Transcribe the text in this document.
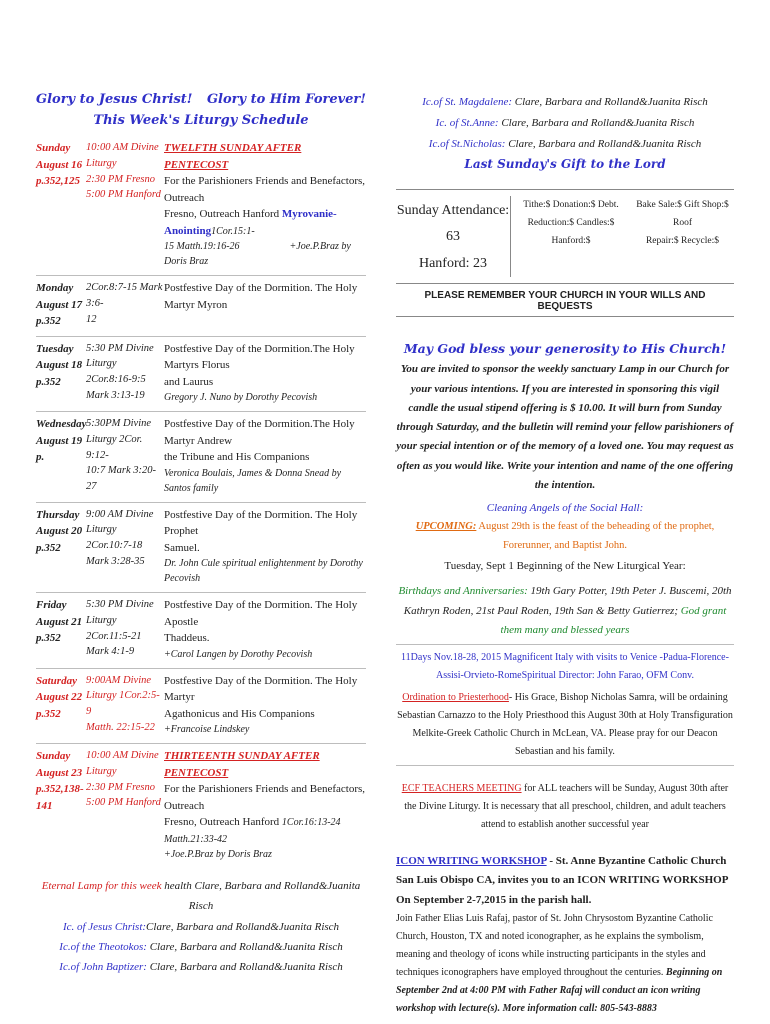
Glory to Jesus Christ! Glory to Him Forever!
This Week's Liturgy Schedule
Sunday
August 16
p.352,125
10:00 AM Divine
Liturgy
2:30 PM Fresno
5:00 PM Hanford
TWELFTH SUNDAY AFTER PENTECOST
For the Parishioners Friends and Benefactors, Outreach
Fresno, Outreach Hanford Myrovanie-Anointing1Cor.15:1-
15 Matth.19:16-26	+Joe.P.Braz by Doris Braz
Monday
August 17
p.352
2Cor.8:7-15 Mark 3:6-
12
Postfestive Day of the Dormition. The Holy Martyr Myron
Tuesday
August 18
p.352
5:30 PM Divine
Liturgy 2Cor.8:16-9:5
Mark 3:13-19
Postfestive Day of the Dormition.The Holy Martyrs Florus
and Laurus
Gregory J. Nuno by Dorothy Pecovish
Wednesday
August 19
p.
5:30PM Divine
Liturgy 2Cor. 9:12-
10:7 Mark 3:20-27
Postfestive Day of the Dormition.The Holy Martyr Andrew
the Tribune and His Companions
Veronica Boulais, James & Donna Snead by Santos family
Thursday
August 20
p.352
9:00 AM Divine
Liturgy 2Cor.10:7-18
Mark 3:28-35
Postfestive Day of the Dormition. The Holy Prophet
Samuel.
Dr. John Cule spiritual enlightenment by Dorothy Pecovish
Friday
August 21
p.352
5:30 PM Divine
Liturgy 2Cor.11:5-21
Mark 4:1-9
Postfestive Day of the Dormition. The Holy Apostle
Thaddeus.
+Carol Langen by Dorothy Pecovish
Saturday
August 22
p.352
9:00AM Divine
Liturgy 1Cor.2:5-9
Matth. 22:15-22
Postfestive Day of the Dormition. The Holy Martyr
Agathonicus and His Companions
+Francoise Lindskey
Sunday
August 23
p.352,138-
141
10:00 AM Divine
Liturgy
2:30 PM Fresno
5:00 PM Hanford
THIRTEENTH SUNDAY AFTER PENTECOST
For the Parishioners Friends and Benefactors, Outreach
Fresno, Outreach Hanford 1Cor.16:13-24 Matth.21:33-42
+Joe.P.Braz by Doris Braz
Eternal Lamp for this week health Clare, Barbara and Rolland&Juanita Risch
Ic. of Jesus Christ:Clare, Barbara and Rolland&Juanita Risch
Ic.of the Theotokos: Clare, Barbara and Rolland&Juanita Risch
Ic.of John Baptizer: Clare, Barbara and Rolland&Juanita Risch
Ic.of St. Magdalene: Clare, Barbara and Rolland&Juanita Risch
Ic. of St.Anne: Clare, Barbara and Rolland&Juanita Risch
Ic.of St.Nicholas: Clare, Barbara and Rolland&Juanita Risch
Last Sunday's Gift to the Lord
Sunday Attendance: 63
Hanford: 23
Tithe:$ Donation:$ Debt.
Reduction:$ Candles:$ Hanford:$
Bake Sale:$ Gift Shop:$ Roof
Repair:$ Recycle:$
PLEASE REMEMBER YOUR CHURCH IN YOUR WILLS AND BEQUESTS
May God bless your generosity to His Church!
You are invited to sponsor the weekly sanctuary Lamp in our Church for your various intentions. If you are interested in sponsoring this vigil candle the usual stipend offering is $ 10.00. It will burn from Sunday through Saturday, and the bulletin will remind your fellow parishioners of your special intention or of the memory of a loved one. You may request as often as you would like. Write your intention and name of the one offering the intention.
Cleaning Angels of the Social Hall:
UPCOMING: August 29th is the feast of the beheading of the prophet, Forerunner, and Baptist John.
Tuesday, Sept 1 Beginning of the New Liturgical Year:
Birthdays and Anniversaries: 19th Gary Potter, 19th Peter J. Buscemi, 20th Kathryn Roden, 21st Paul Roden, 19th San & Betty Gutierrez; God grant them many and blessed years
11Days Nov.18-28, 2015 Magnificent Italy with visits to Venice -Padua-Florence-Assisi-Orvieto-RomeSpiritual Director: John Farao, OFM Conv.
Ordination to Priesterhood- His Grace, Bishop Nicholas Samra, will be ordaining Sebastian Carnazzo to the Holy Priesthood this August 30th at Holy Transfiguration Melkite-Greek Catholic Church in McLean, VA. Please pray for our Deacon Sebastian and his family.
ECF TEACHERS MEETING for ALL teachers will be Sunday, August 30th after the Divine Liturgy. It is necessary that all preschool, children, and adult teachers attend to establish another successful year
ICON WRITING WORKSHOP - St. Anne Byzantine Catholic Church San Luis Obispo CA, invites you to an ICON WRITING WORKSHOP On September 2-7,2015 in the parish hall.
Join Father Elias Luis Rafaj, pastor of St. John Chrysostom Byzantine Catholic Church, Houston, TX and noted iconographer, as he explains the symbolism, meaning and theology of icons while instructing participants in the styles and techniques iconographers have employed throughout the centuries. Beginning on September 2nd at 4:00 PM with Father Rafaj will conduct an icon writing workshop with lecture(s). More information call: 805-543-8883
